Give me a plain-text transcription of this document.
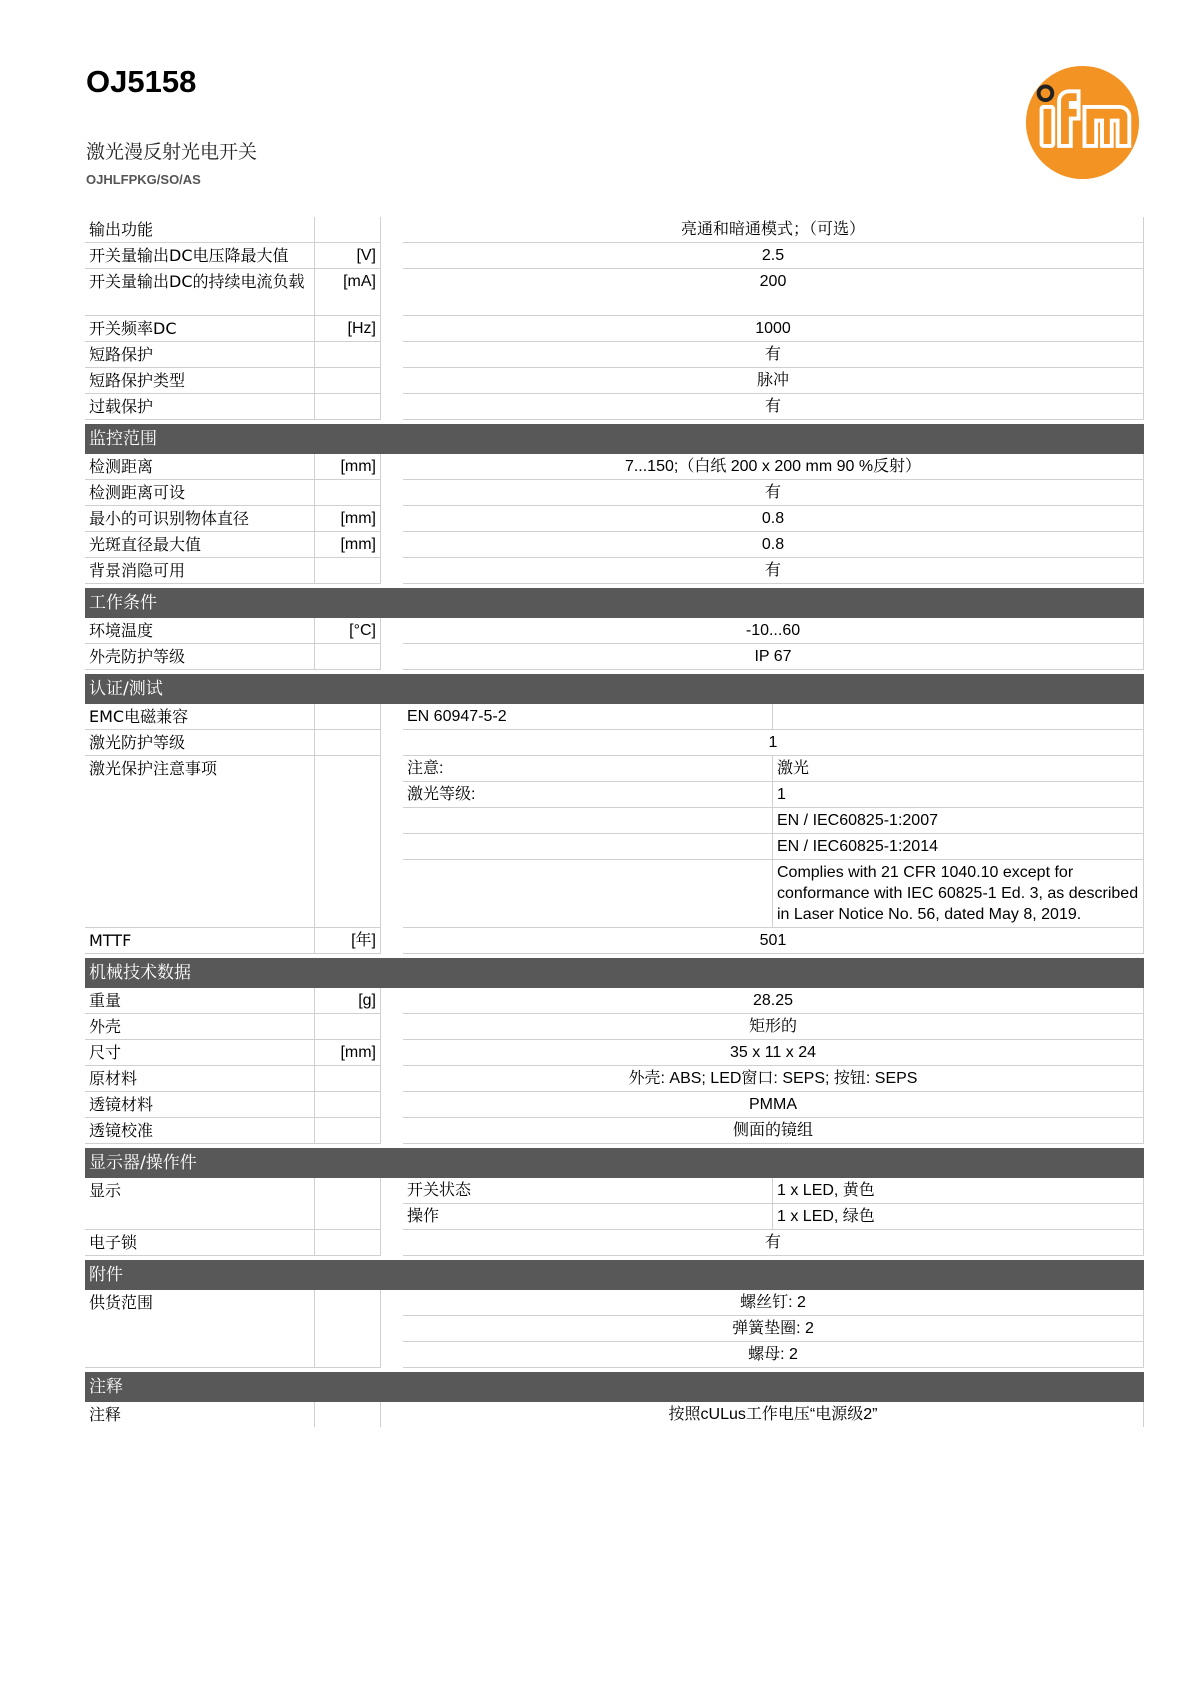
OJ5158
激光漫反射光电开关
OJHLFPKG/SO/AS
输出功能			亮通和暗通模式；（可选）	
开关量输出DC电压降最大值	[V]		2.5	
开关量输出DC的持续电流负载	[mA]		200	
开关频率DC	[Hz]		1000	
短路保护			有	
短路保护类型			脉冲	
过载保护			有	

监控范围				
检测距离	[mm]		7...150;（白纸 200 x 200 mm 90 %反射）	
检测距离可设			有	
最小的可识别物体直径	[mm]		0.8	
光斑直径最大值	[mm]		0.8	
背景消隐可用			有	

工作条件				
环境温度	[°C]		-10...60	
外壳防护等级			IP 67	

认证/测试				
EMC电磁兼容			EN 60947-5-2	
激光防护等级			1	
激光保护注意事项			注意:	激光
			激光等级:	1
				EN / IEC60825-1:2007
				EN / IEC60825-1:2014
				Complies with 21 CFR 1040.10 except for conformance with IEC 60825-1 Ed. 3, as described in Laser Notice No. 56, dated May 8, 2019.
MTTF	[年]		501	

机械技术数据				
重量	[g]		28.25	
外壳			矩形的	
尺寸	[mm]		35 x 11 x 24	
原材料			外壳: ABS; LED窗口: SEPS; 按钮: SEPS	
透镜材料			PMMA	
透镜校准			侧面的镜组	

显示器/操作件				
显示			开关状态	1 x LED, 黄色
			操作	1 x LED, 绿色
电子锁			有	

附件				
供货范围			螺丝钉: 2	
			弹簧垫圈: 2	
			螺母: 2	

注释				
注释			按照cULus工作电压“电源级2”	
